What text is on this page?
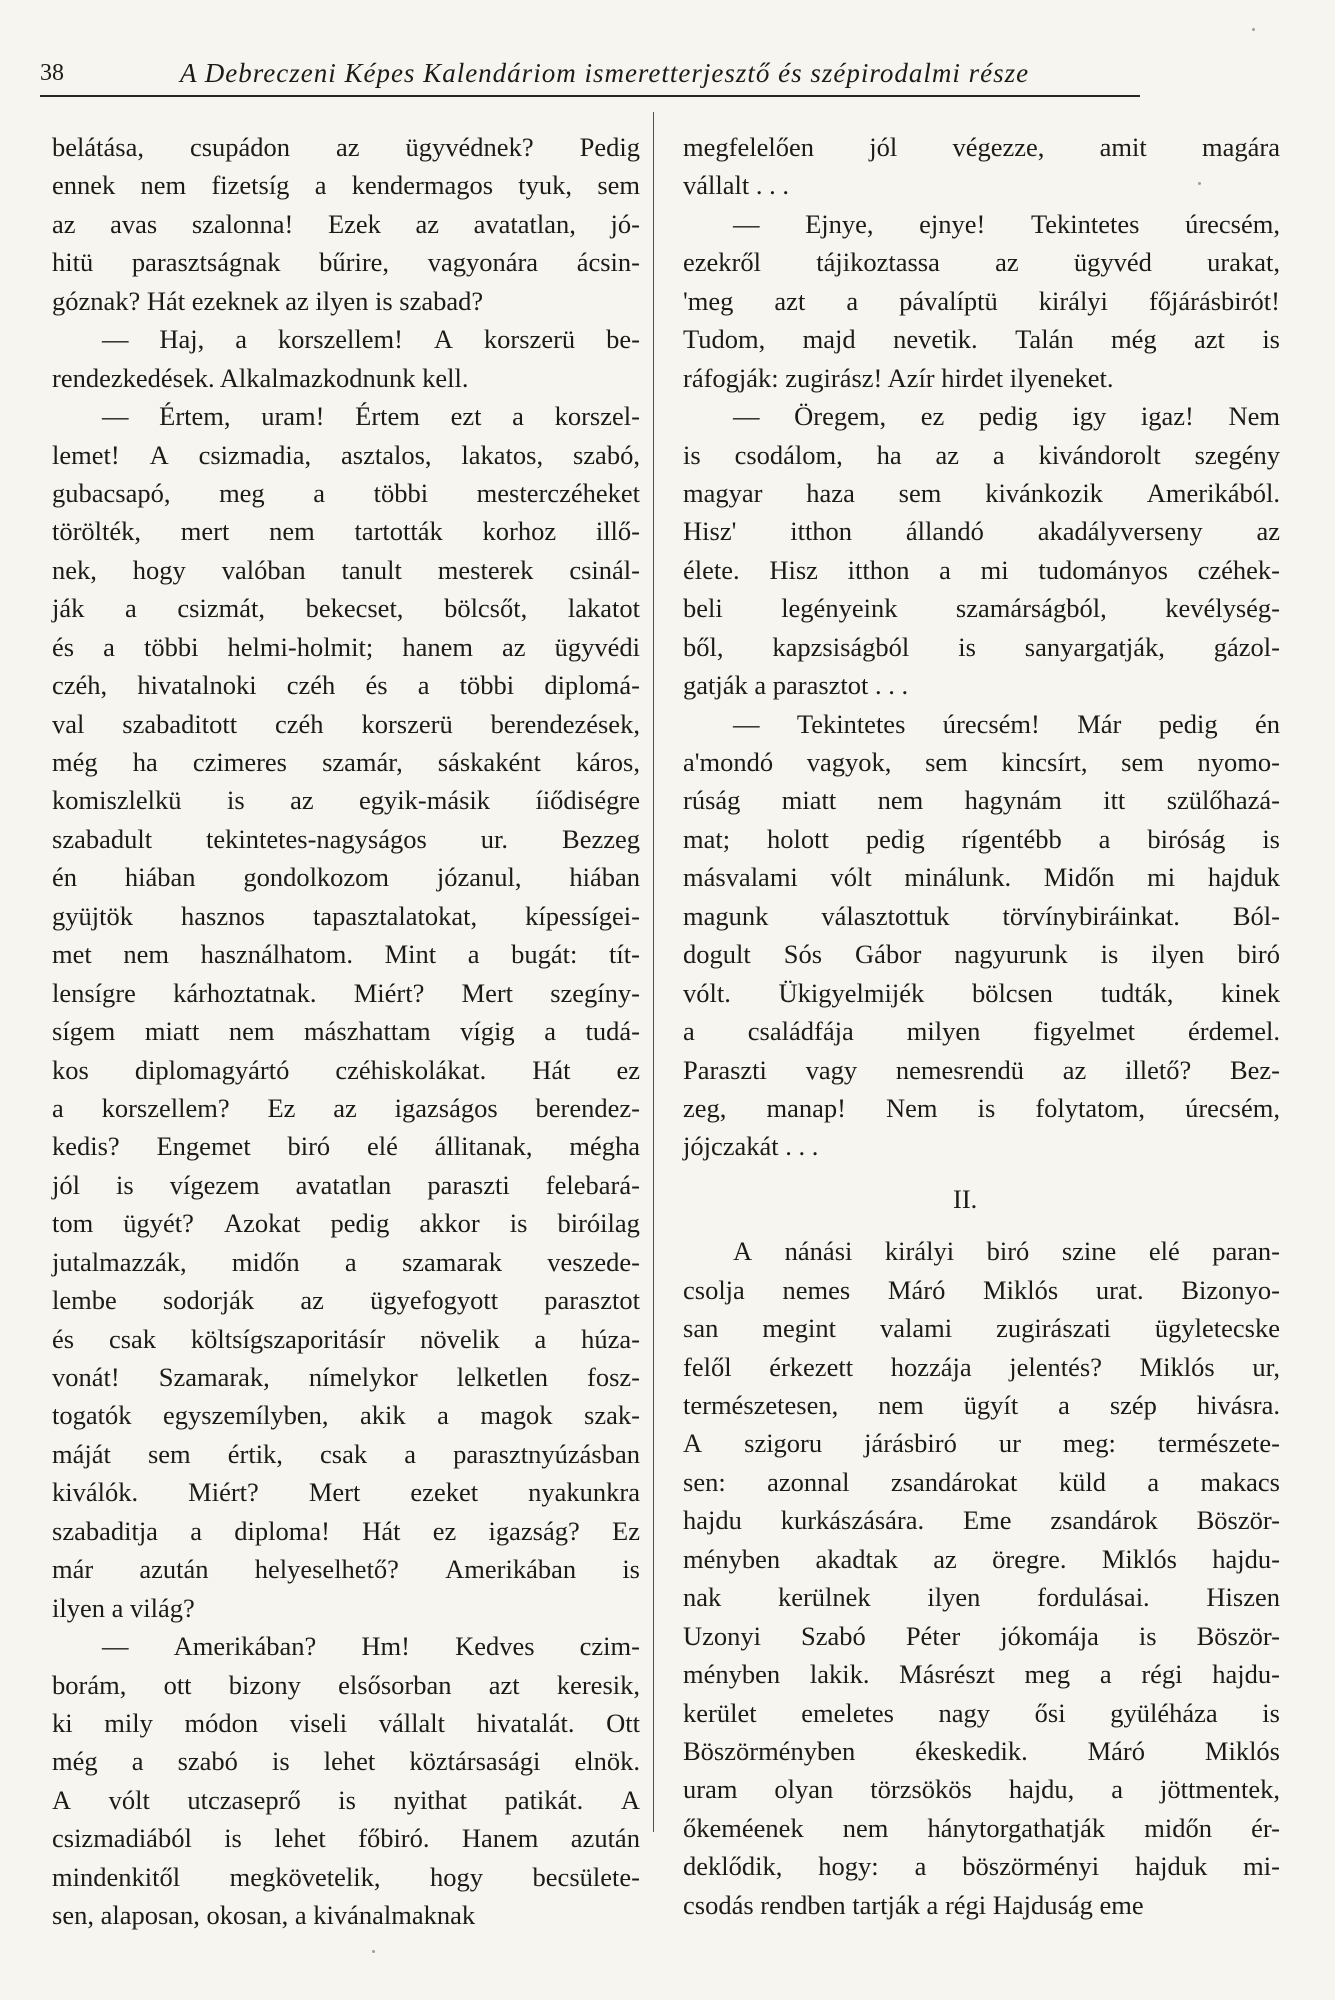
38	A Debreczeni Képes Kalendáriom ismeretterjesztő és szépirodalmi része
belátása, csupádon az ügyvédnek? Pedig
ennek nem fizetsíg a kendermagos tyuk, sem
az avas szalonna! Ezek az avatatlan, jó-
hitü parasztságnak bűrire, vagyonára ácsin-
góznak? Hát ezeknek az ilyen is szabad?
— Haj, a korszellem! A korszerü be-
rendezkedések. Alkalmazkodnunk kell.
— Értem, uram! Értem ezt a korszel-
lemet! A csizmadia, asztalos, lakatos, szabó,
gubacsapó, meg a többi mesterczéheket
törölték, mert nem tartották korhoz illő-
nek, hogy valóban tanult mesterek csinál-
ják a csizmát, bekecset, bölcsőt, lakatot
és a többi helmi-holmit; hanem az ügyvédi
czéh, hivatalnoki czéh és a többi diplomá-
val szabaditott czéh korszerü berendezések,
még ha czimeres szamár, sáskaként káros,
komiszlelkü is az egyik-másik íiődiségre
szabadult tekintetes-nagyságos ur. Bezzeg
én hiában gondolkozom józanul, hiában
gyüjtök hasznos tapasztalatokat, kípessígei-
met nem használhatom. Mint a bugát: tít-
lensígre kárhoztatnak. Miért? Mert szegíny-
sígem miatt nem mászhattam vígig a tudá-
kos diplomagyártó czéhiskolákat. Hát ez
a korszellem? Ez az igazságos berendez-
kedis? Engemet biró elé állitanak, mégha
jól is vígezem avatatlan paraszti felebará-
tom ügyét? Azokat pedig akkor is biróilag
jutalmazzák, midőn a szamarak veszede-
lembe sodorják az ügyefogyott parasztot
és csak költsígszaporitásír növelik a húza-
vonát! Szamarak, nímelykor lelketlen fosz-
togatók egyszemílyben, akik a magok szak-
máját sem értik, csak a parasztnyúzásban
kiválók. Miért? Mert ezeket nyakunkra
szabaditja a diploma! Hát ez igazság? Ez
már azután helyeselhető? Amerikában is
ilyen a világ?
— Amerikában? Hm! Kedves czim-
borám, ott bizony elsősorban azt keresik,
ki mily módon viseli vállalt hivatalát. Ott
még a szabó is lehet köztársasági elnök.
A vólt utczaseprő is nyithat patikát. A
csizmadiából is lehet főbiró. Hanem azután
mindenkitől megkövetelik, hogy becsülete-
sen, alaposan, okosan, a kivánalmaknak
megfelelően jól végezze, amit magára
vállalt . . .
— Ejnye, ejnye! Tekintetes úrecsém,
ezekről tájikoztassa az ügyvéd urakat,
'meg azt a pávalíptü királyi főjárásbirót!
Tudom, majd nevetik. Talán még azt is
ráfogják: zugirász! Azír hirdet ilyeneket.
— Öregem, ez pedig igy igaz! Nem
is csodálom, ha az a kivándorolt szegény
magyar haza sem kivánkozik Amerikából.
Hisz' itthon állandó akadályverseny az
élete. Hisz itthon a mi tudományos czéhek-
beli legényeink szamárságból, kevélység-
ből, kapzsiságból is sanyargatják, gázol-
gatják a parasztot . . .
— Tekintetes úrecsém! Már pedig én
a'mondó vagyok, sem kincsírt, sem nyomo-
rúság miatt nem hagynám itt szülőhazá-
mat; holott pedig rígentébb a biróság is
másvalami vólt minálunk. Midőn mi hajduk
magunk választottuk törvínybiráinkat. Ból-
dogult Sós Gábor nagyurunk is ilyen biró
vólt. Ükigyelmijék bölcsen tudták, kinek
a családfája milyen figyelmet érdemel.
Paraszti vagy nemesrendü az illető? Bez-
zeg, manap! Nem is folytatom, úrecsém,
jójczakát . . .
II.
A nánási királyi biró szine elé paran-
csolja nemes Máró Miklós urat. Bizonyo-
san megint valami zugirászati ügyletecske
felől érkezett hozzája jelentés? Miklós ur,
természetesen, nem ügyít a szép hivásra.
A szigoru járásbiró ur meg: természete-
sen: azonnal zsandárokat küld a makacs
hajdu kurkászására. Eme zsandárok Böször-
ményben akadtak az öregre. Miklós hajdu-
nak kerülnek ilyen fordulásai. Hiszen
Uzonyi Szabó Péter jókomája is Böször-
ményben lakik. Másrészt meg a régi hajdu-
kerület emeletes nagy ősi gyüléháza is
Böszörményben ékeskedik. Máró Miklós
uram olyan törzsökös hajdu, a jöttmentek,
őkeméenek nem hánytorgathatják midőn ér-
deklődik, hogy: a böszörményi hajduk mi-
csodás rendben tartják a régi Hajduság eme
